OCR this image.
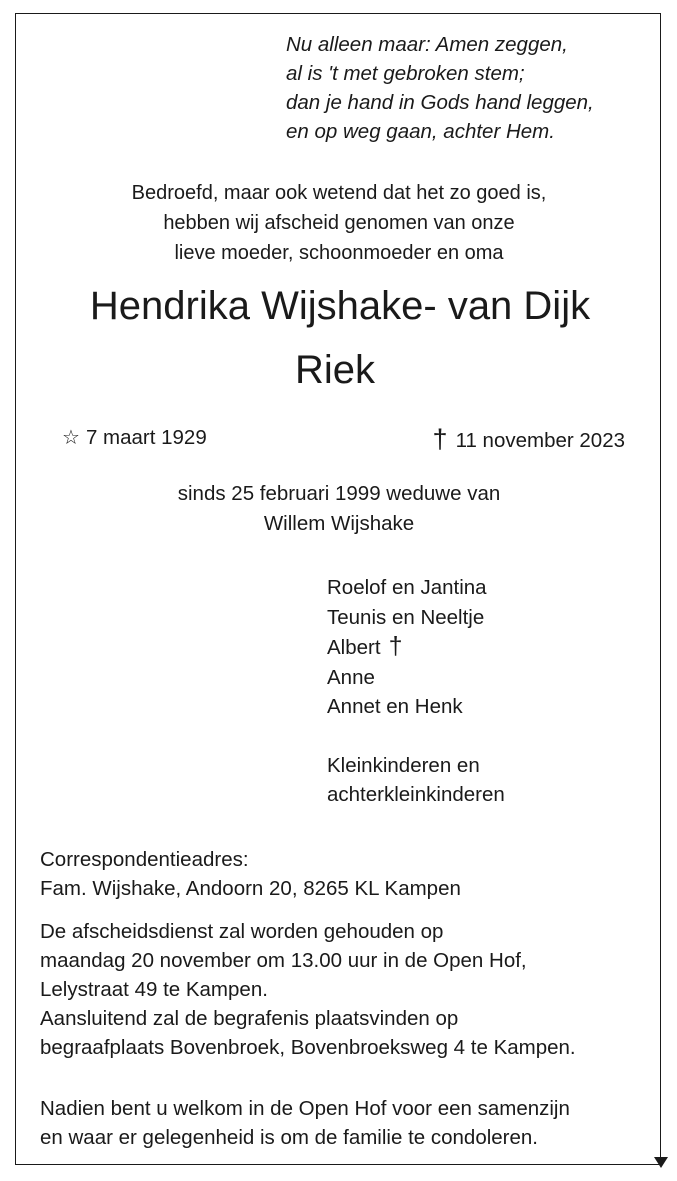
Nu alleen maar: Amen zeggen,
al is 't met gebroken stem;
dan je hand in Gods hand leggen,
en op weg gaan, achter Hem.
Bedroefd, maar ook wetend dat het zo goed is,
hebben wij afscheid genomen van onze
lieve moeder, schoonmoeder en oma
Hendrika Wijshake- van Dijk
Riek
☆ 7 maart 1929	† 11 november 2023
sinds 25 februari 1999 weduwe van
Willem Wijshake
Roelof en Jantina
Teunis en Neeltje
Albert †
Anne
Annet en Henk
Kleinkinderen en
achterkleinkinderen
Correspondentieadres:
Fam. Wijshake, Andoorn 20, 8265 KL Kampen
De afscheidsdienst zal worden gehouden op
maandag 20 november om 13.00 uur in de Open Hof,
Lelystraat 49 te Kampen.
Aansluitend zal de begrafenis plaatsvinden op
begraafplaats Bovenbroek, Bovenbroeksweg 4 te Kampen.
Nadien bent u welkom in de Open Hof voor een samenzijn
en waar er gelegenheid is om de familie te condoleren.
